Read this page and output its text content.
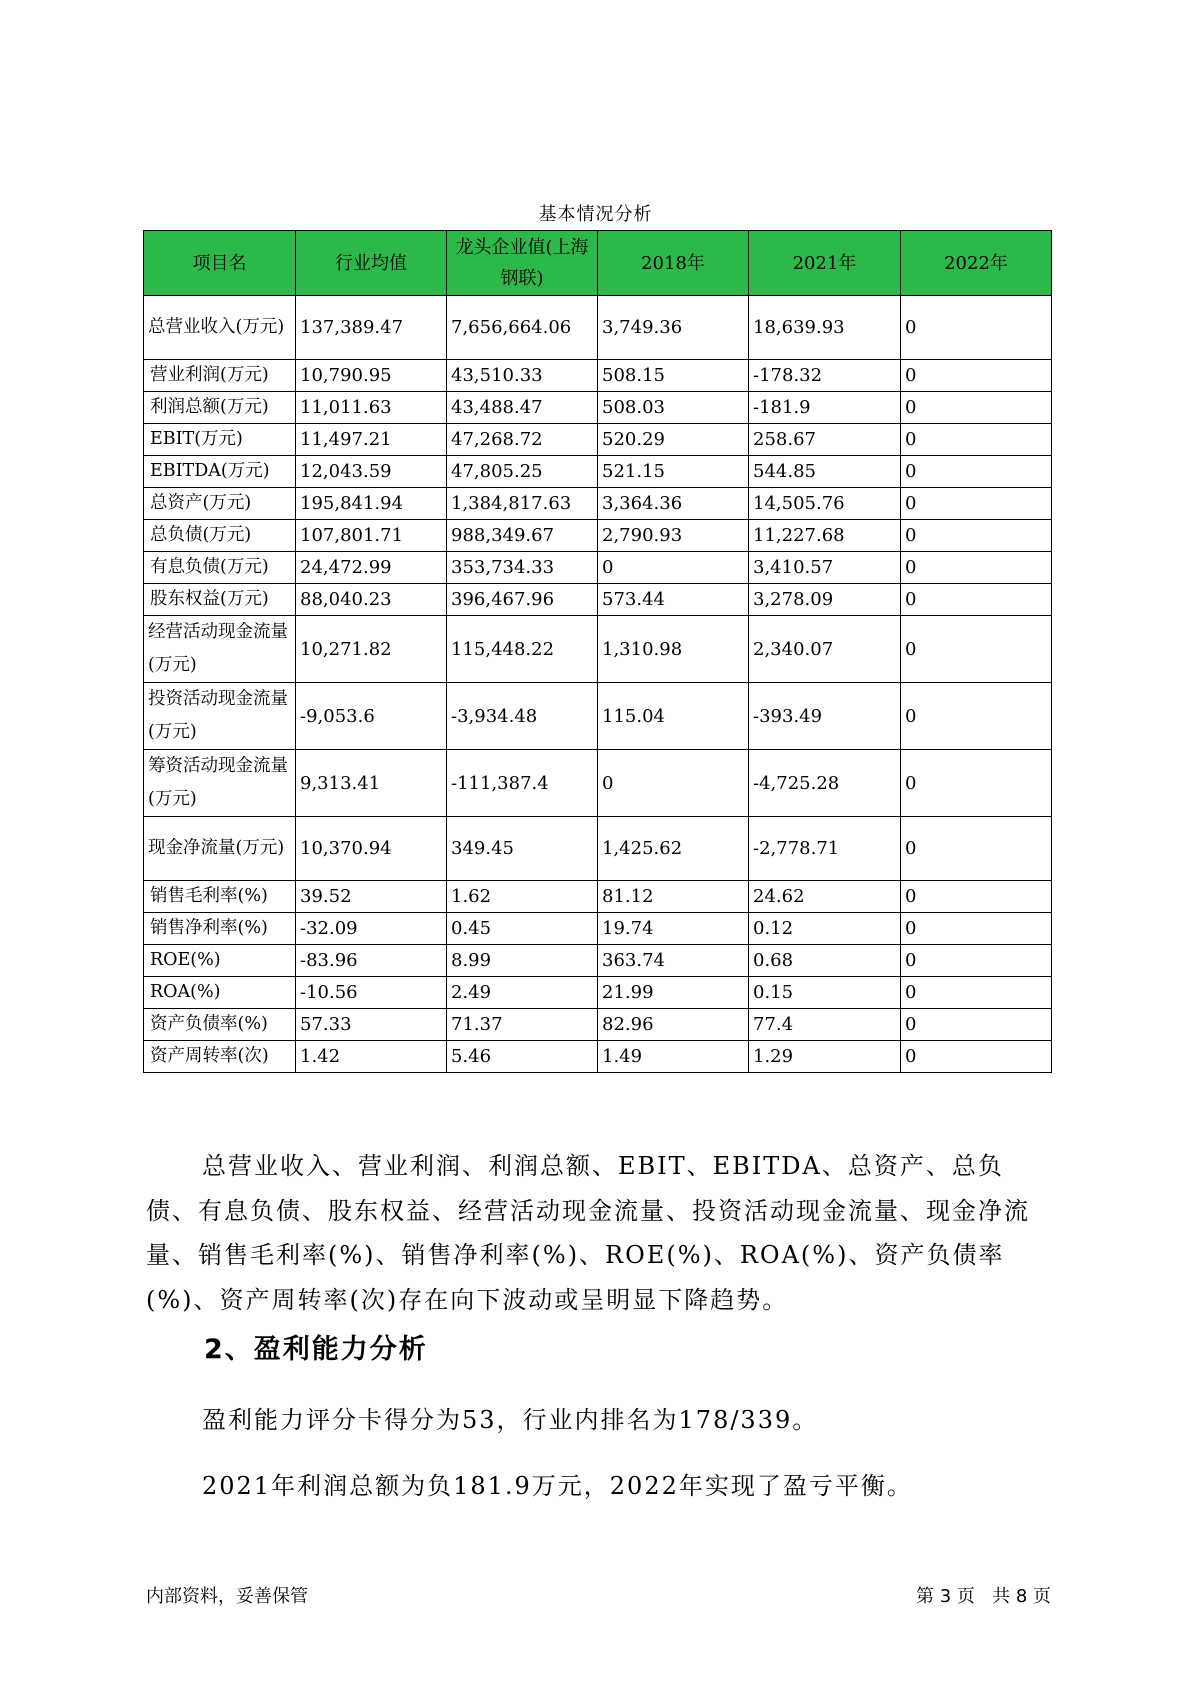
基本情况分析
项目名	行业均值	龙头企业值(上海钢联)	2018年	2021年	2022年
总营业收入(万元)	137,389.47	7,656,664.06	3,749.36	18,639.93	0
营业利润(万元)	10,790.95	43,510.33	508.15	-178.32	0
利润总额(万元)	11,011.63	43,488.47	508.03	-181.9	0
EBIT(万元)	11,497.21	47,268.72	520.29	258.67	0
EBITDA(万元)	12,043.59	47,805.25	521.15	544.85	0
总资产(万元)	195,841.94	1,384,817.63	3,364.36	14,505.76	0
总负债(万元)	107,801.71	988,349.67	2,790.93	11,227.68	0
有息负债(万元)	24,472.99	353,734.33	0	3,410.57	0
股东权益(万元)	88,040.23	396,467.96	573.44	3,278.09	0
经营活动现金流量(万元)	10,271.82	115,448.22	1,310.98	2,340.07	0
投资活动现金流量(万元)	-9,053.6	-3,934.48	115.04	-393.49	0
筹资活动现金流量(万元)	9,313.41	-111,387.4	0	-4,725.28	0
现金净流量(万元)	10,370.94	349.45	1,425.62	-2,778.71	0
销售毛利率(%)	39.52	1.62	81.12	24.62	0
销售净利率(%)	-32.09	0.45	19.74	0.12	0
ROE(%)	-83.96	8.99	363.74	0.68	0
ROA(%)	-10.56	2.49	21.99	0.15	0
资产负债率(%)	57.33	71.37	82.96	77.4	0
资产周转率(次)	1.42	5.46	1.49	1.29	0
总营业收入、营业利润、利润总额、EBIT、EBITDA、总资产、总负债、有息负债、股东权益、经营活动现金流量、投资活动现金流量、现金净流量、销售毛利率(%)、销售净利率(%)、ROE(%)、ROA(%)、资产负债率(%)、资产周转率(次)存在向下波动或呈明显下降趋势。
2、盈利能力分析
盈利能力评分卡得分为53，行业内排名为178/339。
2021年利润总额为负181.9万元，2022年实现了盈亏平衡。
内部资料，妥善保管	第 3 页   共 8 页
